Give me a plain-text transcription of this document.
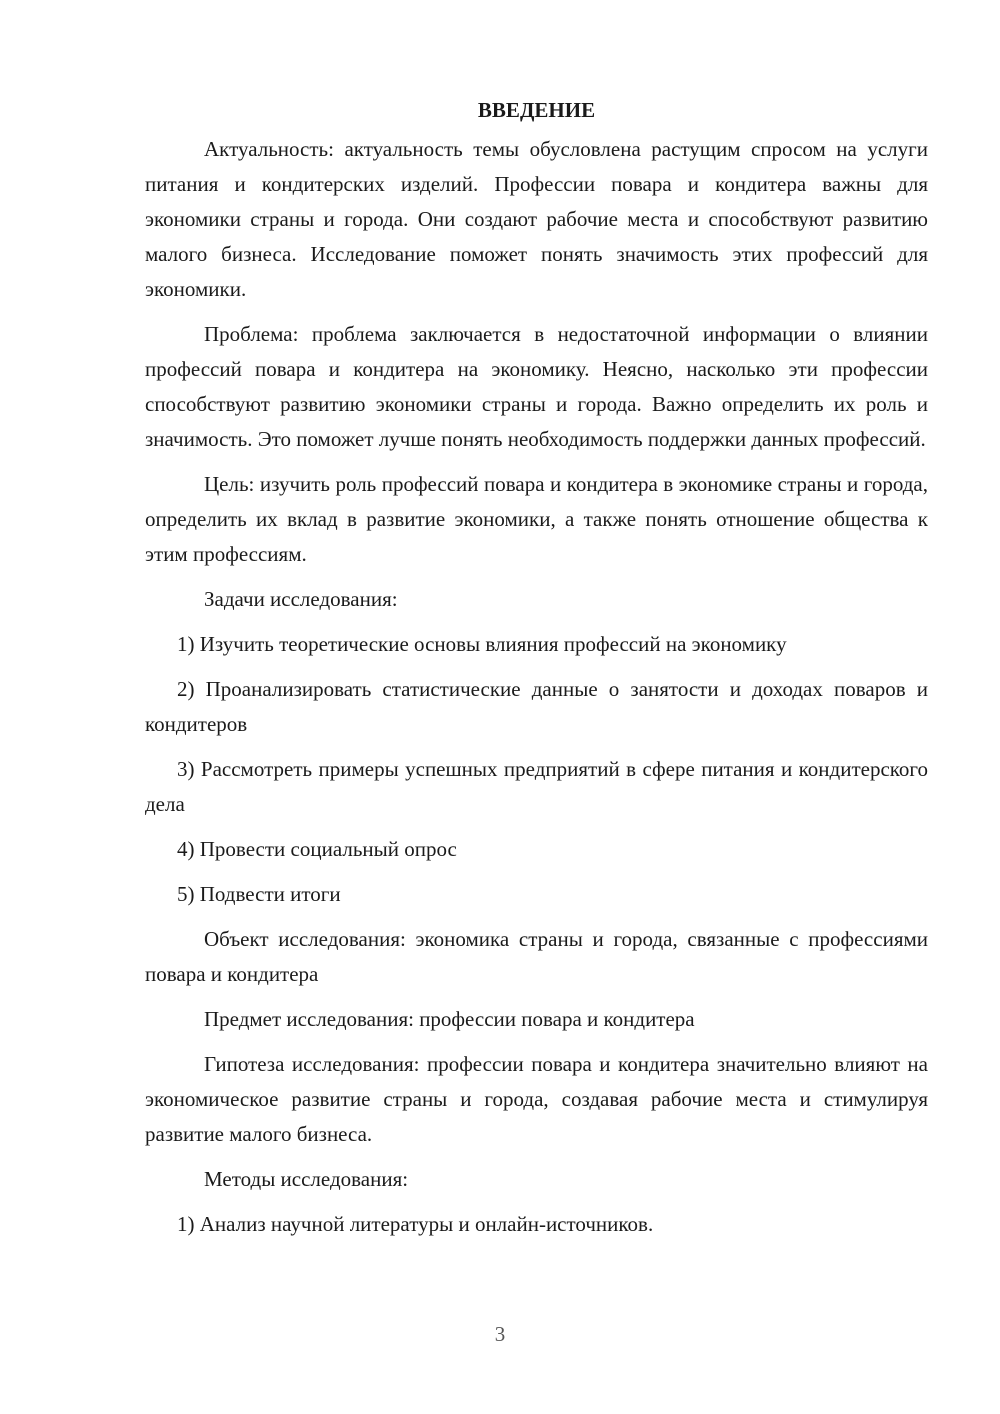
ВВЕДЕНИЕ

Актуальность: актуальность темы обусловлена растущим спросом на услуги питания и кондитерских изделий. Профессии повара и кондитера важны для экономики страны и города. Они создают рабочие места и способствуют развитию малого бизнеса. Исследование поможет понять значимость этих профессий для экономики.

Проблема: проблема заключается в недостаточной информации о влиянии профессий повара и кондитера на экономику. Неясно, насколько эти профессии способствуют развитию экономики страны и города. Важно определить их роль и значимость. Это поможет лучше понять необходимость поддержки данных профессий.

Цель: изучить роль профессий повара и кондитера в экономике страны и города, определить их вклад в развитие экономики, а также понять отношение общества к этим профессиям.

Задачи исследования:

1) Изучить теоретические основы влияния профессий на экономику

2) Проанализировать статистические данные о занятости и доходах поваров и кондитеров

3) Рассмотреть примеры успешных предприятий в сфере питания и кондитерского дела

4) Провести социальный опрос

5) Подвести итоги

Объект исследования: экономика страны и города, связанные с профессиями повара и кондитера

Предмет исследования: профессии повара и кондитера

Гипотеза исследования: профессии повара и кондитера значительно влияют на экономическое развитие страны и города, создавая рабочие места и стимулируя развитие малого бизнеса.

Методы исследования:

1) Анализ научной литературы и онлайн-источников.

3
